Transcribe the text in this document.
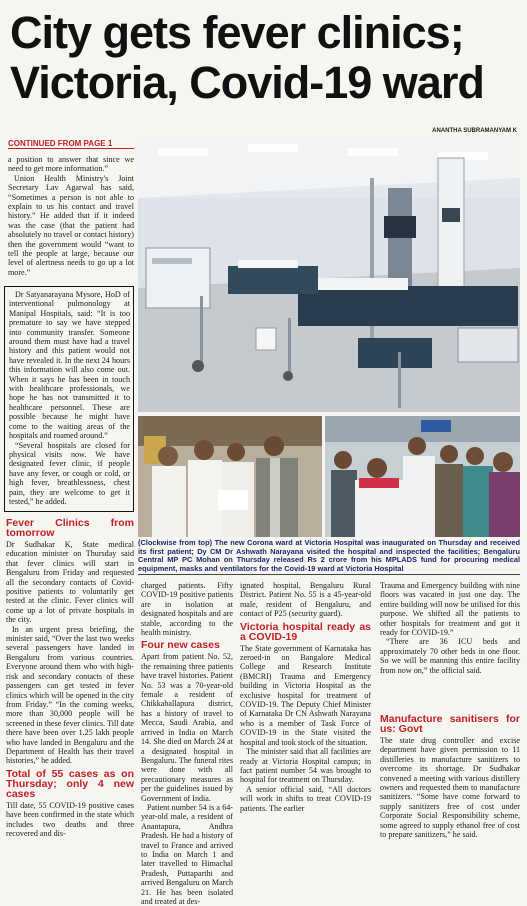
City gets fever clinics;
Victoria, Covid-19 ward
ANANTHA SUBRAMANYAM K
CONTINUED FROM PAGE 1

a position to answer that since we need to get more information.”

Union Health Ministry's Joint Secretary Lav Agarwal has said, “Sometimes a person is not able to explain to us his contact and travel history.” He added that if it indeed was the case (that the patient had absolutely no travel or contact history) then the government would “want to tell the people at large, because our level of alertness needs to go up a lot more.”

Dr Satyanarayana Mysore, HoD of interventional pulmonology at Manipal Hospitals, said: “It is too premature to say we have stepped into community transfer. Someone around them must have had a travel history and this patient would not have revealed it. In the next 24 hours this information will also come out. When it says he has been in touch with healthcare professionals, we hope he has not transmitted it to healthcare personnel. These are possible because he might have come to the waiting areas of the hospitals and roamed around.”

“Several hospitals are closed for physical visits now. We have designated fever clinic, if people have any fever, or cough or cold, or high fever, breathlessness, chest pain, they are welcome to get it tested,” he added.

Fever Clinics from tomorrow

Dr Sudhakar K, State medical education minister on Thursday said that fever clinics will start in Bengaluru from Friday and requested all the secondary contacts of Covid-positive patients to voluntarily get tested at the clinic. Fever clinics will come up a lot of private hospitals in the city.

In an urgent press briefing, the minister said, “Over the last two weeks several passengers have landed in Bengaluru from various countries. Everyone around them who with high-risk and secondary contacts of these passengers can get tested in fever clinics which will be opened in the city from Friday.” “In the coming weeks, more than 30,000 people will be screened in these fever clinics. Till date there have been over 1.25 lakh people who have landed in Bengaluru and the Department of Health has their travel histories,” he added.

Total of 55 cases as on Thursday; only 4 new cases

Till date, 55 COVID-19 positive cases have been confirmed in the state which includes two deaths and three recovered and dis-

(Clockwise from top) The new Corona ward at Victoria Hospital was inaugurated on Thursday and received its first patient; Dy CM Dr Ashwath Narayana visited the hospital and inspected the facilities; Bengaluru Central MP PC Mohan on Thursday released Rs 2 crore from his MPLADS fund for procuring medical equipment, masks and ventilators for the Covid-19 ward at Victoria Hospital

charged patients. Fifty COVID-19 positive patients are in isolation at designated hospitals and are stable, according to the health ministry.

Four new cases

Apart from patient No. 52, the remaining three patients have travel histories. Patient No. 53 was a 70-year-old female a resident of Chikkaballapura district, has a history of travel to Mecca, Saudi Arabia, and arrived in India on March 14. She died on March 24 at a designated hospital in Bengaluru. The funeral rites were done with all precautionary measures as per the guidelines issued by Government of India.

Patient number 54 is a 64-year-old male, a resident of Anantapura, Andhra Pradesh. He had a history of travel to France and arrived to India on March 1 and later travelled to Himachal Pradesh, Puttaparthi and arrived Bengaluru on March 21. He has been isolated and treated at des-

ignated hospital, Bengaluru Rural District. Patient No. 55 is a 45-year-old male, resident of Bengaluru, and contact of P25 (security guard).

Victoria hospital ready as a COVID-19

The State government of Karnataka has zeroed-in on Bangalore Medical College and Research Institute (BMCRI) Trauma and Emergency building in Victoria Hospital as the exclusive hospital for treatment of COVID-19. The Deputy Chief Minister of Karnataka Dr CN Ashwath Narayana who is a member of Task Force of COVID-19 in the State visited the hospital and took stock of the situation.

The minister said that all facilities are ready at Victoria Hospital campus; in fact patient number 54 was brought to hospital for treatment on Thursday.

A senior official said, “All doctors will work in shifts to treat COVID-19 patients. The earlier

Trauma and Emergency building with nine floors was vacated in just one day. The entire building will now be utilised for this purpose. We shifted all the patients to other hospitals for treatment and got it ready for COVID-19.”

“There are 36 ICU beds and approximately 70 other beds in one floor. So we will be manning this entire facility from now on,” the official said.

Manufacture sanitisers for us: Govt

The state drug controller and excise department have given permission to 11 distilleries to manufacture sanitizers to overcome its shortage. Dr Sudhakar convened a meeting with various distillery owners and requested them to manufacture sanitizers. “Some have come forward to supply sanitizers free of cost under Corporate Social Responsibility scheme, some agreed to supply ethanol free of cost to prepare sanitizers,” he said.
